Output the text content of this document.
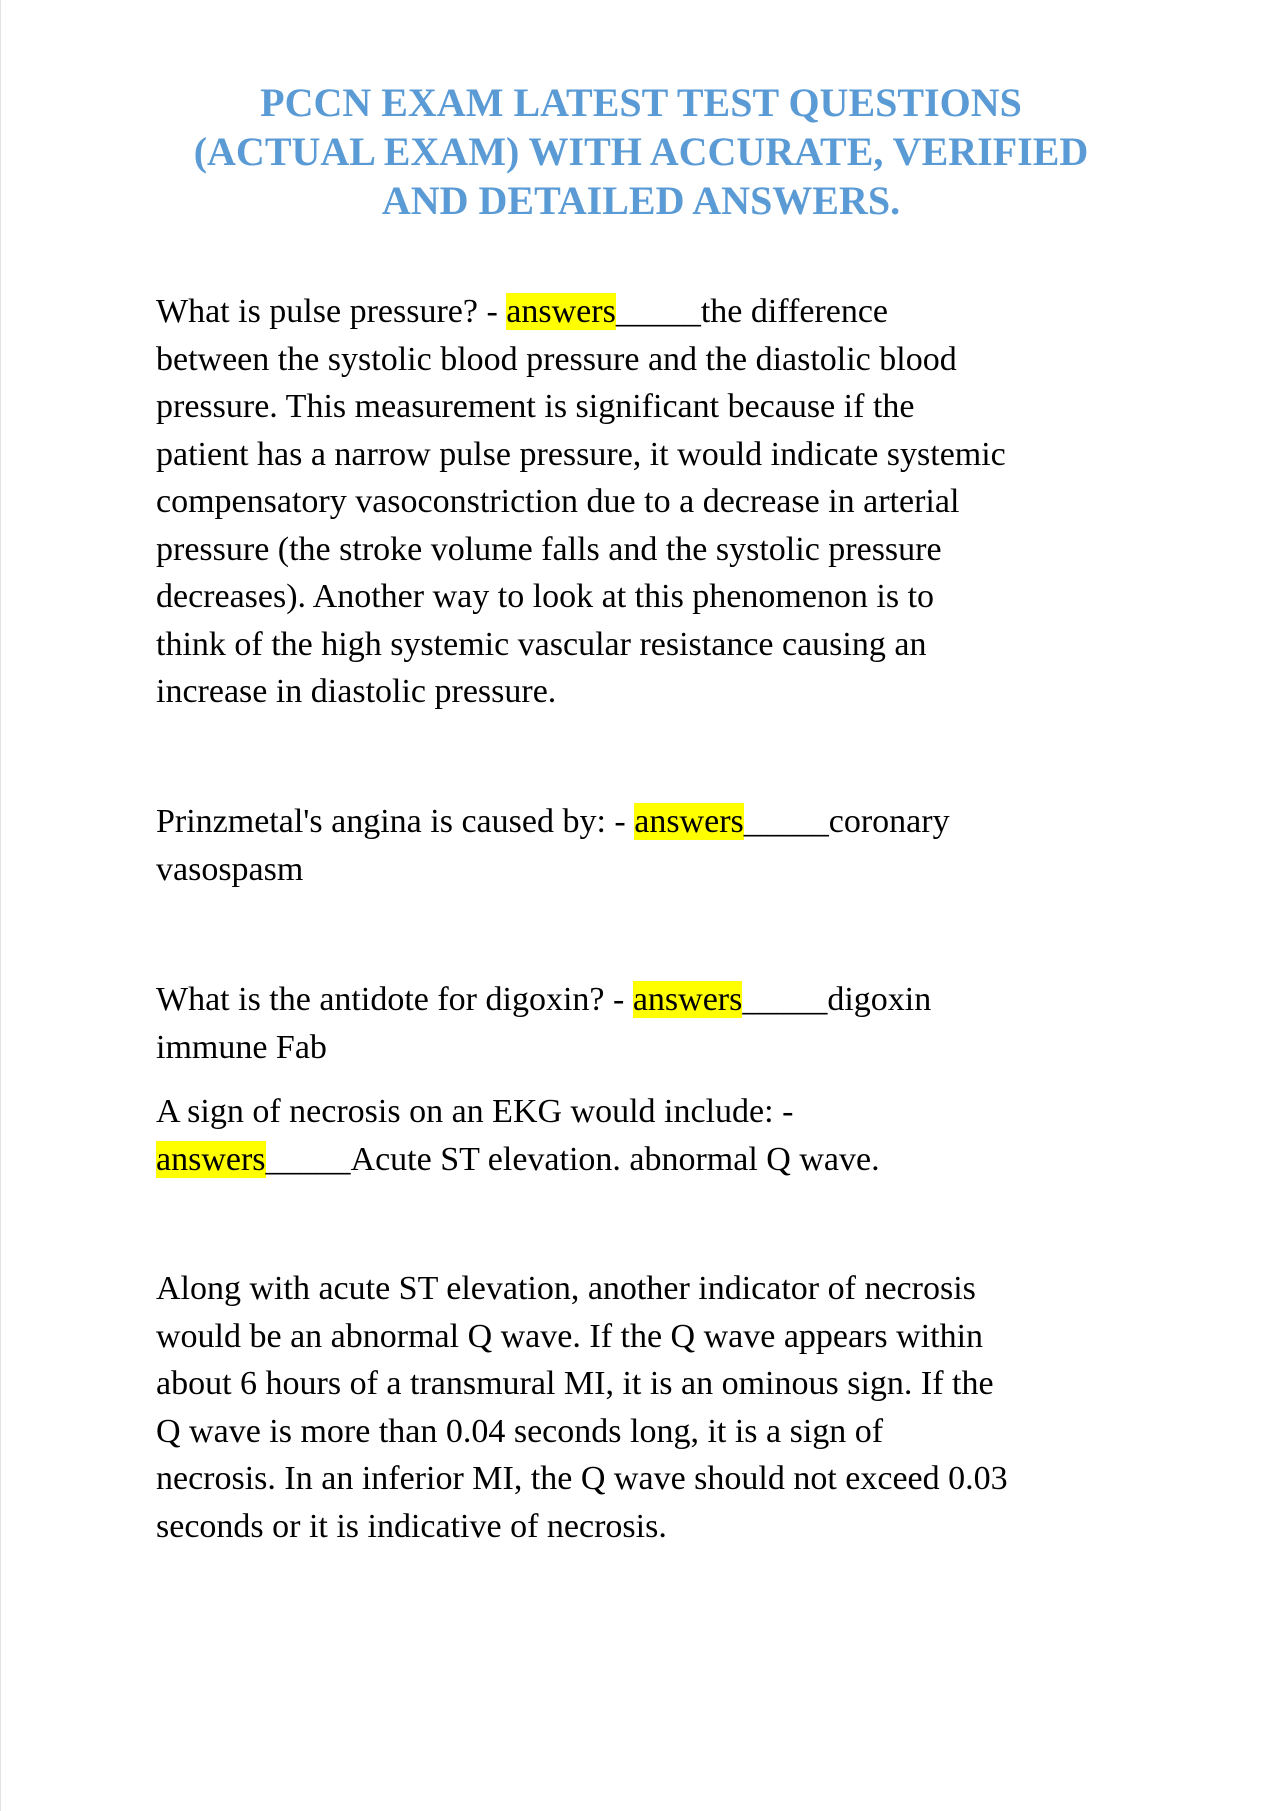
PCCN EXAM LATEST TEST QUESTIONS
(ACTUAL EXAM) WITH ACCURATE, VERIFIED
AND DETAILED ANSWERS.
What is pulse pressure? - answers_____the difference
between the systolic blood pressure and the diastolic blood
pressure. This measurement is significant because if the
patient has a narrow pulse pressure, it would indicate systemic
compensatory vasoconstriction due to a decrease in arterial
pressure (the stroke volume falls and the systolic pressure
decreases). Another way to look at this phenomenon is to
think of the high systemic vascular resistance causing an
increase in diastolic pressure.
Prinzmetal's angina is caused by: - answers_____coronary
vasospasm
What is the antidote for digoxin? - answers_____digoxin
immune Fab
A sign of necrosis on an EKG would include: -
answers_____Acute ST elevation. abnormal Q wave.
Along with acute ST elevation, another indicator of necrosis
would be an abnormal Q wave. If the Q wave appears within
about 6 hours of a transmural MI, it is an ominous sign. If the
Q wave is more than 0.04 seconds long, it is a sign of
necrosis. In an inferior MI, the Q wave should not exceed 0.03
seconds or it is indicative of necrosis.
